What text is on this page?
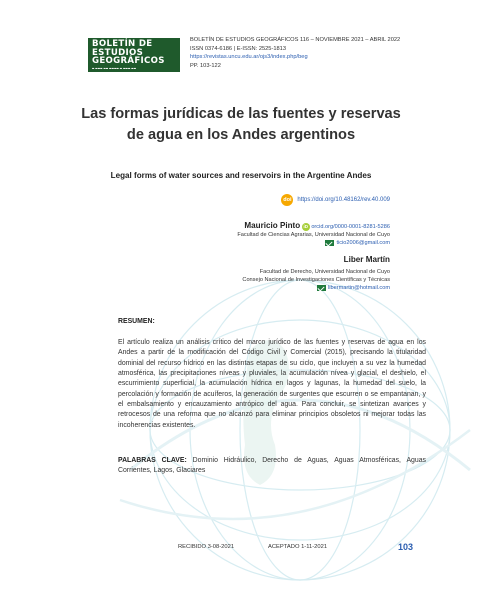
BOLETÍN DE
ESTUDIOS
GEOGRÁFICOS
▬ ▬▬▬ ▬▬ ▬▬▬▬ ▬ ▬▬▬ ▬▬
BOLETÍN DE ESTUDIOS GEOGRÁFICOS 116 – NOVIEMBRE 2021 – ABRIL 2022
ISSN 0374-6186 | E-ISSN: 2525-1813
https://revistas.uncu.edu.ar/ojs3/index.php/beg
PP. 103-122
Las formas jurídicas de las fuentes y reservas
de agua en los Andes argentinos
Legal forms of water sources and reservoirs in the Argentine Andes
doi https://doi.org/10.48162/rev.40.009
Mauricio Pinto iD orcid.org/0000-0001-8281-5286
Facultad de Ciencias Agrarias, Universidad Nacional de Cuyo
ticio2006@gmail.com
Liber Martín
Facultad de Derecho, Universidad Nacional de Cuyo
Consejo Nacional de Investigaciones Científicas y Técnicas
libermartin@hotmail.com
RESUMEN:

El artículo realiza un análisis crítico del marco jurídico de las fuentes y reservas de agua en los Andes a partir de la modificación del Código Civil y Comercial (2015), precisando la titularidad dominial del recurso hídrico en las distintas etapas de su ciclo, que incluyen a su vez la humedad atmosférica, las precipitaciones níveas y pluviales, la acumulación nívea y glacial, el deshielo, el escurrimiento superficial, la acumulación hídrica en lagos y lagunas, la humedad del suelo, la percolación y formación de acuíferos, la generación de surgentes que escurren o se empantanan, y el embalsamiento y encauzamiento antrópico del agua. Para concluir, se sintetizan avances y retrocesos de una reforma que no alcanzó para eliminar principios obsoletos ni mejorar todas las incoherencias existentes.

PALABRAS CLAVE: Dominio Hidráulico, Derecho de Aguas, Aguas Atmosféricas, Aguas Corrientes, Lagos, Glaciares
RECIBIDO 3-08-2021	ACEPTADO 1-11-2021	103
